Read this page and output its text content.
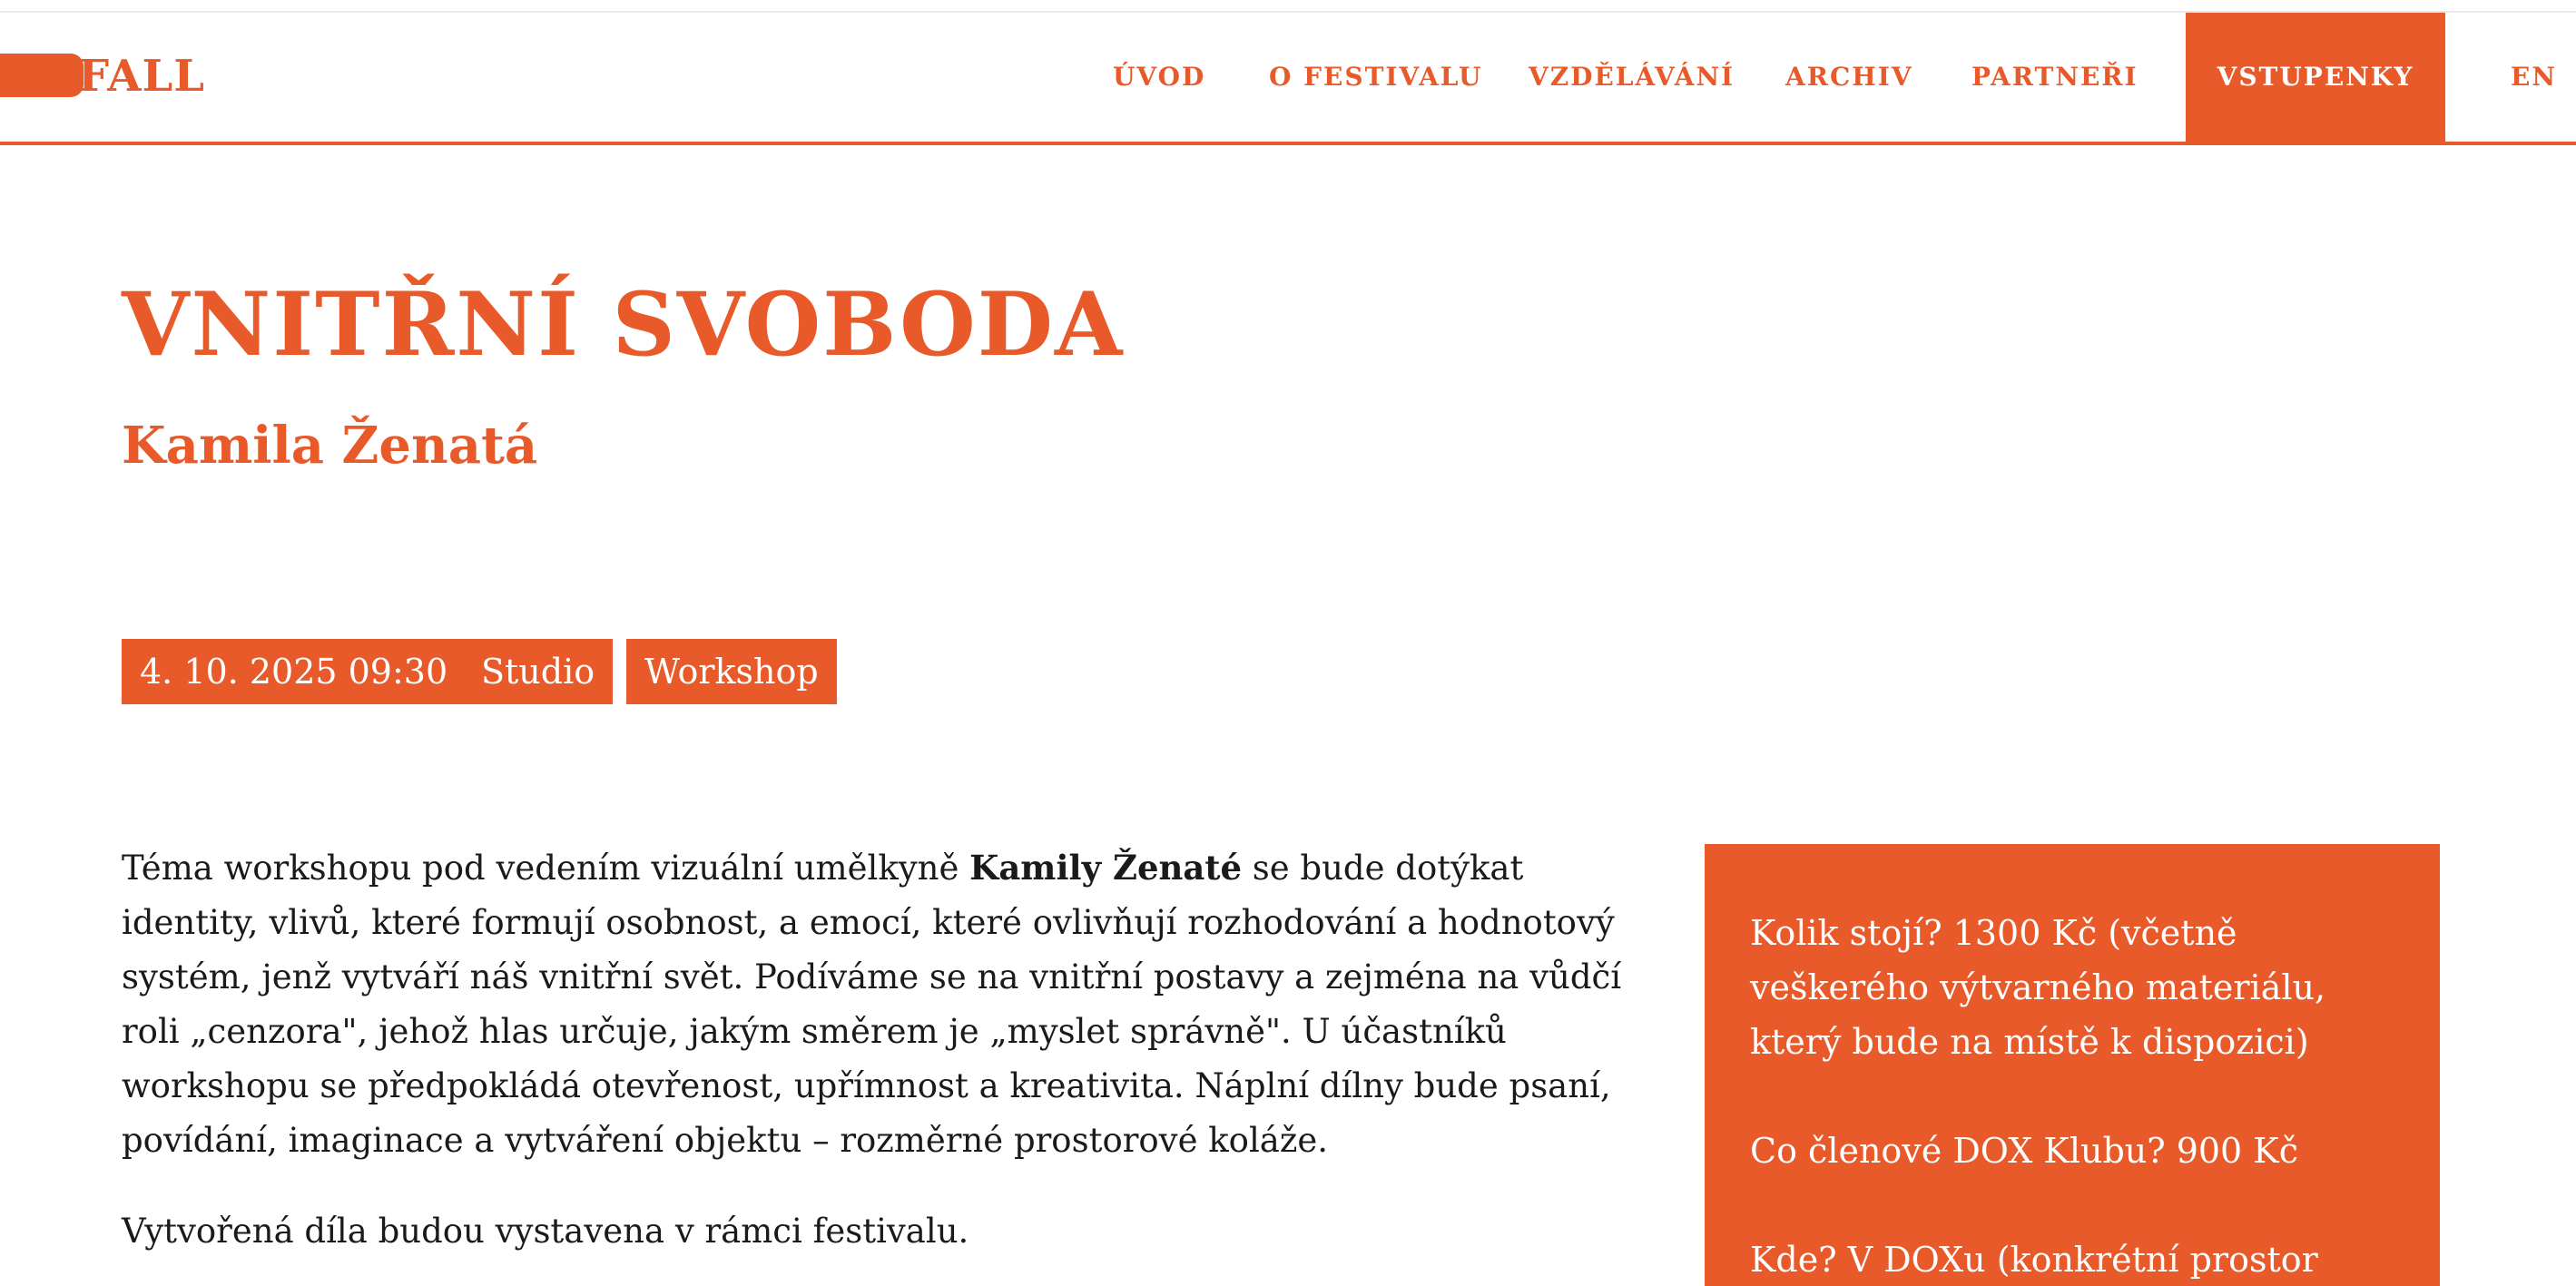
FALL	ÚVOD O FESTIVALU VZDĚLÁVÁNÍ ARCHIV PARTNEŘI	VSTUPENKY	EN
VNITŘNÍ SVOBODA
Kamila Ženatá
4. 10. 2025 09:30 Studio	Workshop

Téma workshopu pod vedením vizuální umělkyně Kamily Ženaté se bude dotýkat identity, vlivů, které formují osobnost, a emocí, které ovlivňují rozhodování a hodnotový systém, jenž vytváří náš vnitřní svět. Podíváme se na vnitřní postavy a zejména na vůdčí roli „cenzora", jehož hlas určuje, jakým směrem je „myslet správně". U účastníků workshopu se předpokládá otevřenost, upřímnost a kreativita. Náplní dílny bude psaní, povídání, imaginace a vytváření objektu – rozměrné prostorové koláže.

Vytvořená díla budou vystavena v rámci festivalu.

Kolik stojí? 1300 Kč (včetně veškerého výtvarného materiálu, který bude na místě k dispozici)

Co členové DOX Klubu? 900 Kč

Kde? V DOXu (konkrétní prostor
